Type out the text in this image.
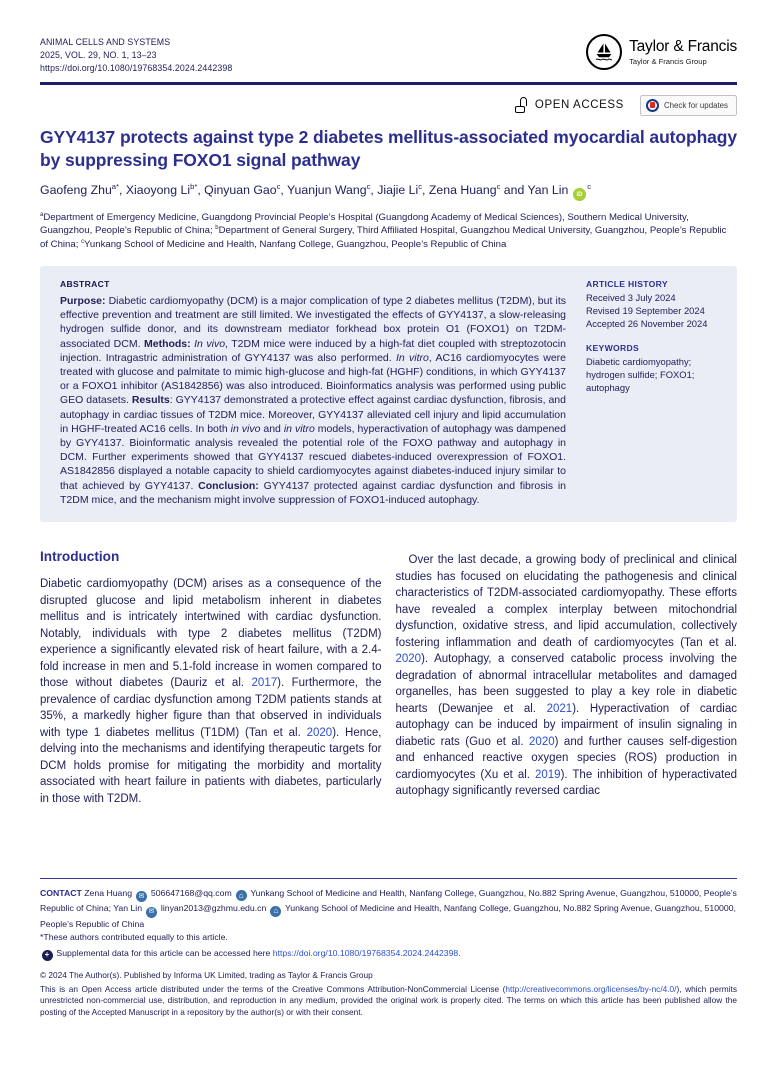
ANIMAL CELLS AND SYSTEMS
2025, VOL. 29, NO. 1, 13–23
https://doi.org/10.1080/19768354.2024.2442398
Taylor & Francis
Taylor & Francis Group
OPEN ACCESS	Check for updates
GYY4137 protects against type 2 diabetes mellitus-associated myocardial autophagy by suppressing FOXO1 signal pathway
Gaofeng Zhu$^{a*}$, Xiaoyong $Li^{b*}$, Qinyuan Gao$^c$, Yuanjun Wang$^c$, Jiajie Li$^c$, Zena Huang$^c$ and Yan Lin $iD^c$
$^a$Department of Emergency Medicine, Guangdong Provincial People’s Hospital (Guangdong Academy of Medical Sciences), Southern Medical University, Guangzhou, People’s Republic of China; $^b$Department of General Surgery, Third Affiliated Hospital, Guangzhou Medical University, Guangzhou, People’s Republic of China; $^c$Yunkang School of Medicine and Health, Nanfang College, Guangzhou, People’s Republic of China
ABSTRACT

Purpose: Diabetic cardiomyopathy (DCM) is a major complication of type 2 diabetes mellitus (T2DM), but its effective prevention and treatment are still limited. We investigated the effects of GYY4137, a slow-releasing hydrogen sulfide donor, and its downstream mediator forkhead box protein O1 (FOXO1) on T2DM-associated DCM. Methods: In vivo, T2DM mice were induced by a high-fat diet coupled with streptozotocin injection. Intragastric administration of GYY4137 was also performed. In vitro, AC16 cardiomyocytes were treated with glucose and palmitate to mimic high-glucose and high-fat (HGHF) conditions, in which GYY4137 or a FOXO1 inhibitor (AS1842856) was also introduced. Bioinformatics analysis was performed using public GEO datasets. Results: GYY4137 demonstrated a protective effect against cardiac dysfunction, fibrosis, and autophagy in cardiac tissues of T2DM mice. Moreover, GYY4137 alleviated cell injury and lipid accumulation in HGHF-treated AC16 cells. In both in vivo and in vitro models, hyperactivation of autophagy was dampened by GYY4137. Bioinformatic analysis revealed the potential role of the FOXO pathway and autophagy in DCM. Further experiments showed that GYY4137 rescued diabetes-induced overexpression of FOXO1. AS1842856 displayed a notable capacity to shield cardiomyocytes against diabetes-induced injury similar to that achieved by GYY4137. Conclusion: GYY4137 protected against cardiac dysfunction and fibrosis in T2DM mice, and the mechanism might involve suppression of FOXO1-induced autophagy.

ARTICLE HISTORY
Received 3 July 2024
Revised 19 September 2024
Accepted 26 November 2024
KEYWORDS
Diabetic cardiomyopathy; hydrogen sulfide; FOXO1; autophagy
Introduction

Diabetic cardiomyopathy (DCM) arises as a consequence of the disrupted glucose and lipid metabolism inherent in diabetes mellitus and is intricately intertwined with cardiac dysfunction. Notably, individuals with type 2 diabetes mellitus (T2DM) experience a significantly elevated risk of heart failure, with a 2.4-fold increase in men and 5.1-fold increase in women compared to those without diabetes (Dauriz et al. 2017). Furthermore, the prevalence of cardiac dysfunction among T2DM patients stands at 35%, a markedly higher figure than that observed in individuals with type 1 diabetes mellitus (T1DM) (Tan et al. 2020). Hence, delving into the mechanisms and identifying therapeutic targets for DCM holds promise for mitigating the morbidity and mortality associated with heart failure in patients with diabetes, particularly in those with T2DM.

Over the last decade, a growing body of preclinical and clinical studies has focused on elucidating the pathogenesis and clinical characteristics of T2DM-associated cardiomyopathy. These efforts have revealed a complex interplay between mitochondrial dysfunction, oxidative stress, and lipid accumulation, collectively fostering inflammation and death of cardiomyocytes (Tan et al. 2020). Autophagy, a conserved catabolic process involving the degradation of abnormal intracellular metabolites and damaged organelles, has been suggested to play a key role in diabetic hearts (Dewanjee et al. 2021). Hyperactivation of cardiac autophagy can be induced by impairment of insulin signaling in diabetic rats (Guo et al. 2020) and further causes self-digestion and enhanced reactive oxygen species (ROS) production in cardiomyocytes (Xu et al. 2019). The inhibition of hyperactivated autophagy significantly reversed cardiac

CONTACT Zena Huang ✉ 506647168@qq.com ⌂ Yunkang School of Medicine and Health, Nanfang College, Guangzhou, No.882 Spring Avenue, Guangzhou, 510000, People’s Republic of China; Yan Lin ✉ linyan2013@gzhmu.edu.cn ⌂ Yunkang School of Medicine and Health, Nanfang College, Guangzhou, No.882 Spring Avenue, Guangzhou, 510000, People’s Republic of China

*These authors contributed equally to this article.

+ Supplemental data for this article can be accessed here https://doi.org/10.1080/19768354.2024.2442398.

© 2024 The Author(s). Published by Informa UK Limited, trading as Taylor & Francis Group

This is an Open Access article distributed under the terms of the Creative Commons Attribution-NonCommercial License (http://creativecommons.org/licenses/by-nc/4.0/), which permits unrestricted non-commercial use, distribution, and reproduction in any medium, provided the original work is properly cited. The terms on which this article has been published allow the posting of the Accepted Manuscript in a repository by the author(s) or with their consent.
